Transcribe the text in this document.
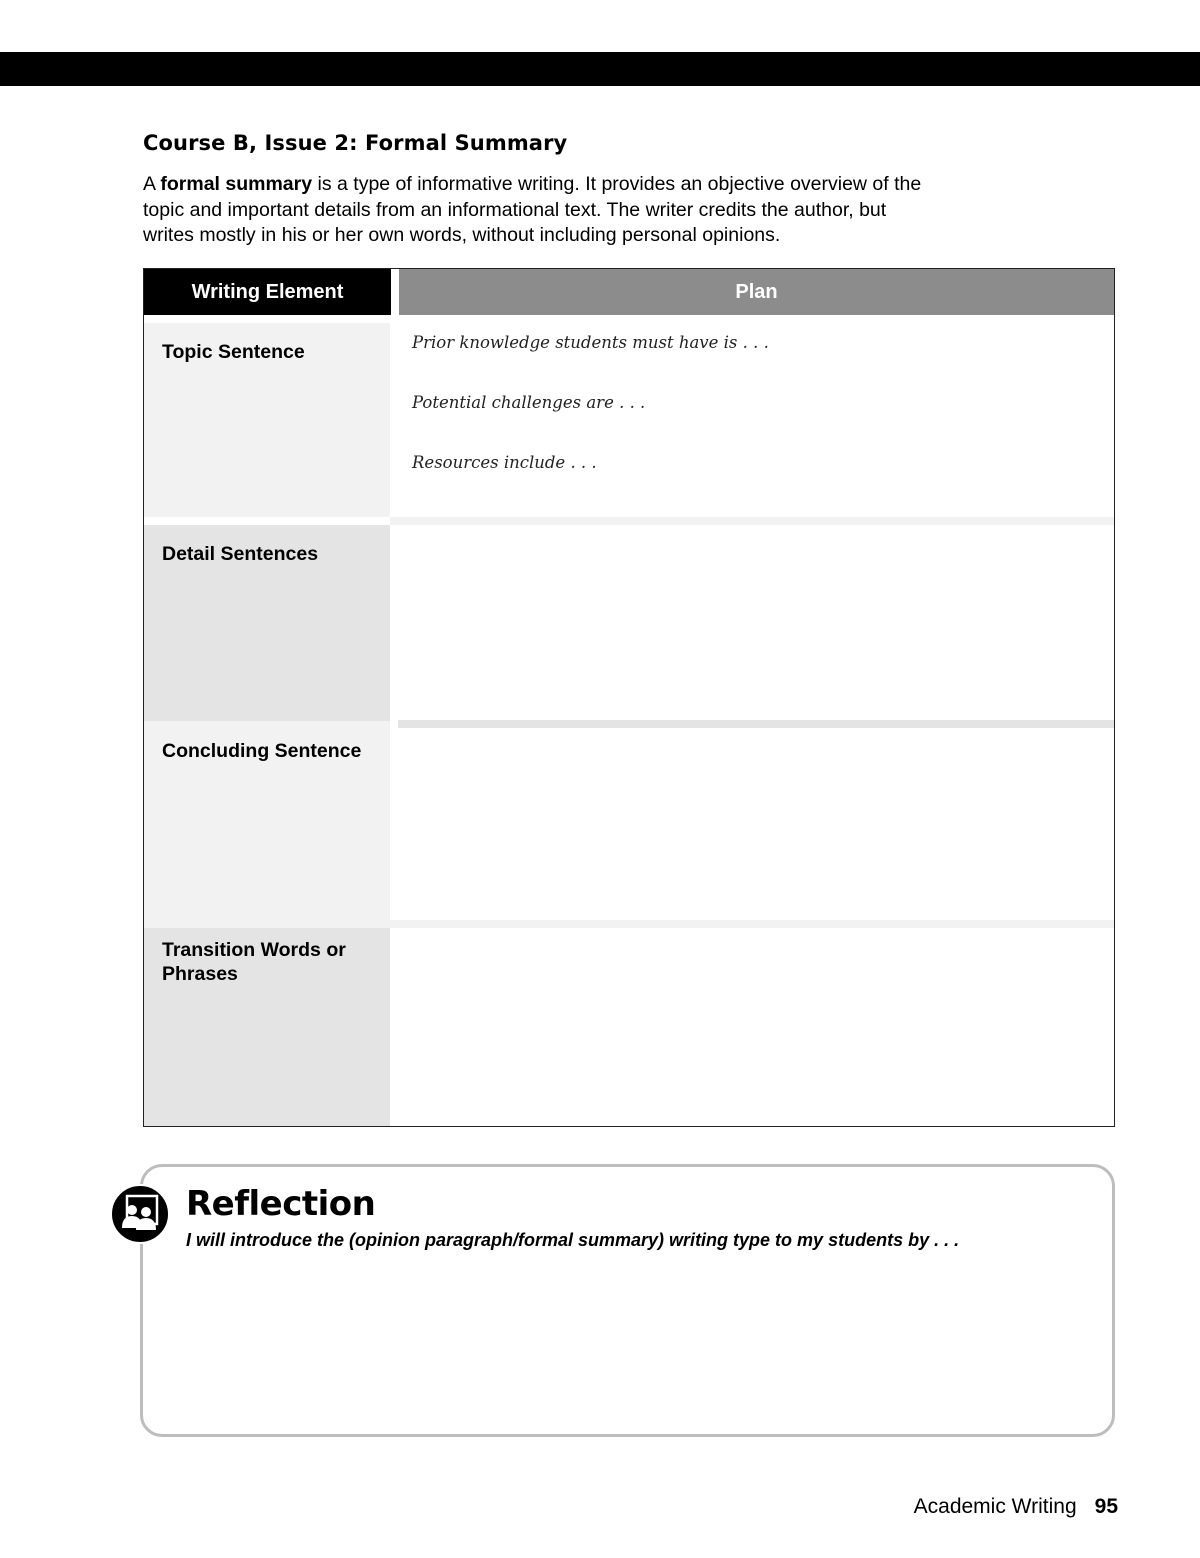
Course B, Issue 2: Formal Summary

A formal summary is a type of informative writing. It provides an objective overview of the topic and important details from an informational text. The writer credits the author, but writes mostly in his or her own words, without including personal opinions.

Writing Element	Plan
Topic Sentence	Prior knowledge students must have is . . .

Potential challenges are . . .

Resources include . . .

Detail Sentences
Concluding Sentence
Transition Words or Phrases
Reflection

I will introduce the (opinion paragraph/formal summary) writing type to my students by . . .

Academic Writing 95
